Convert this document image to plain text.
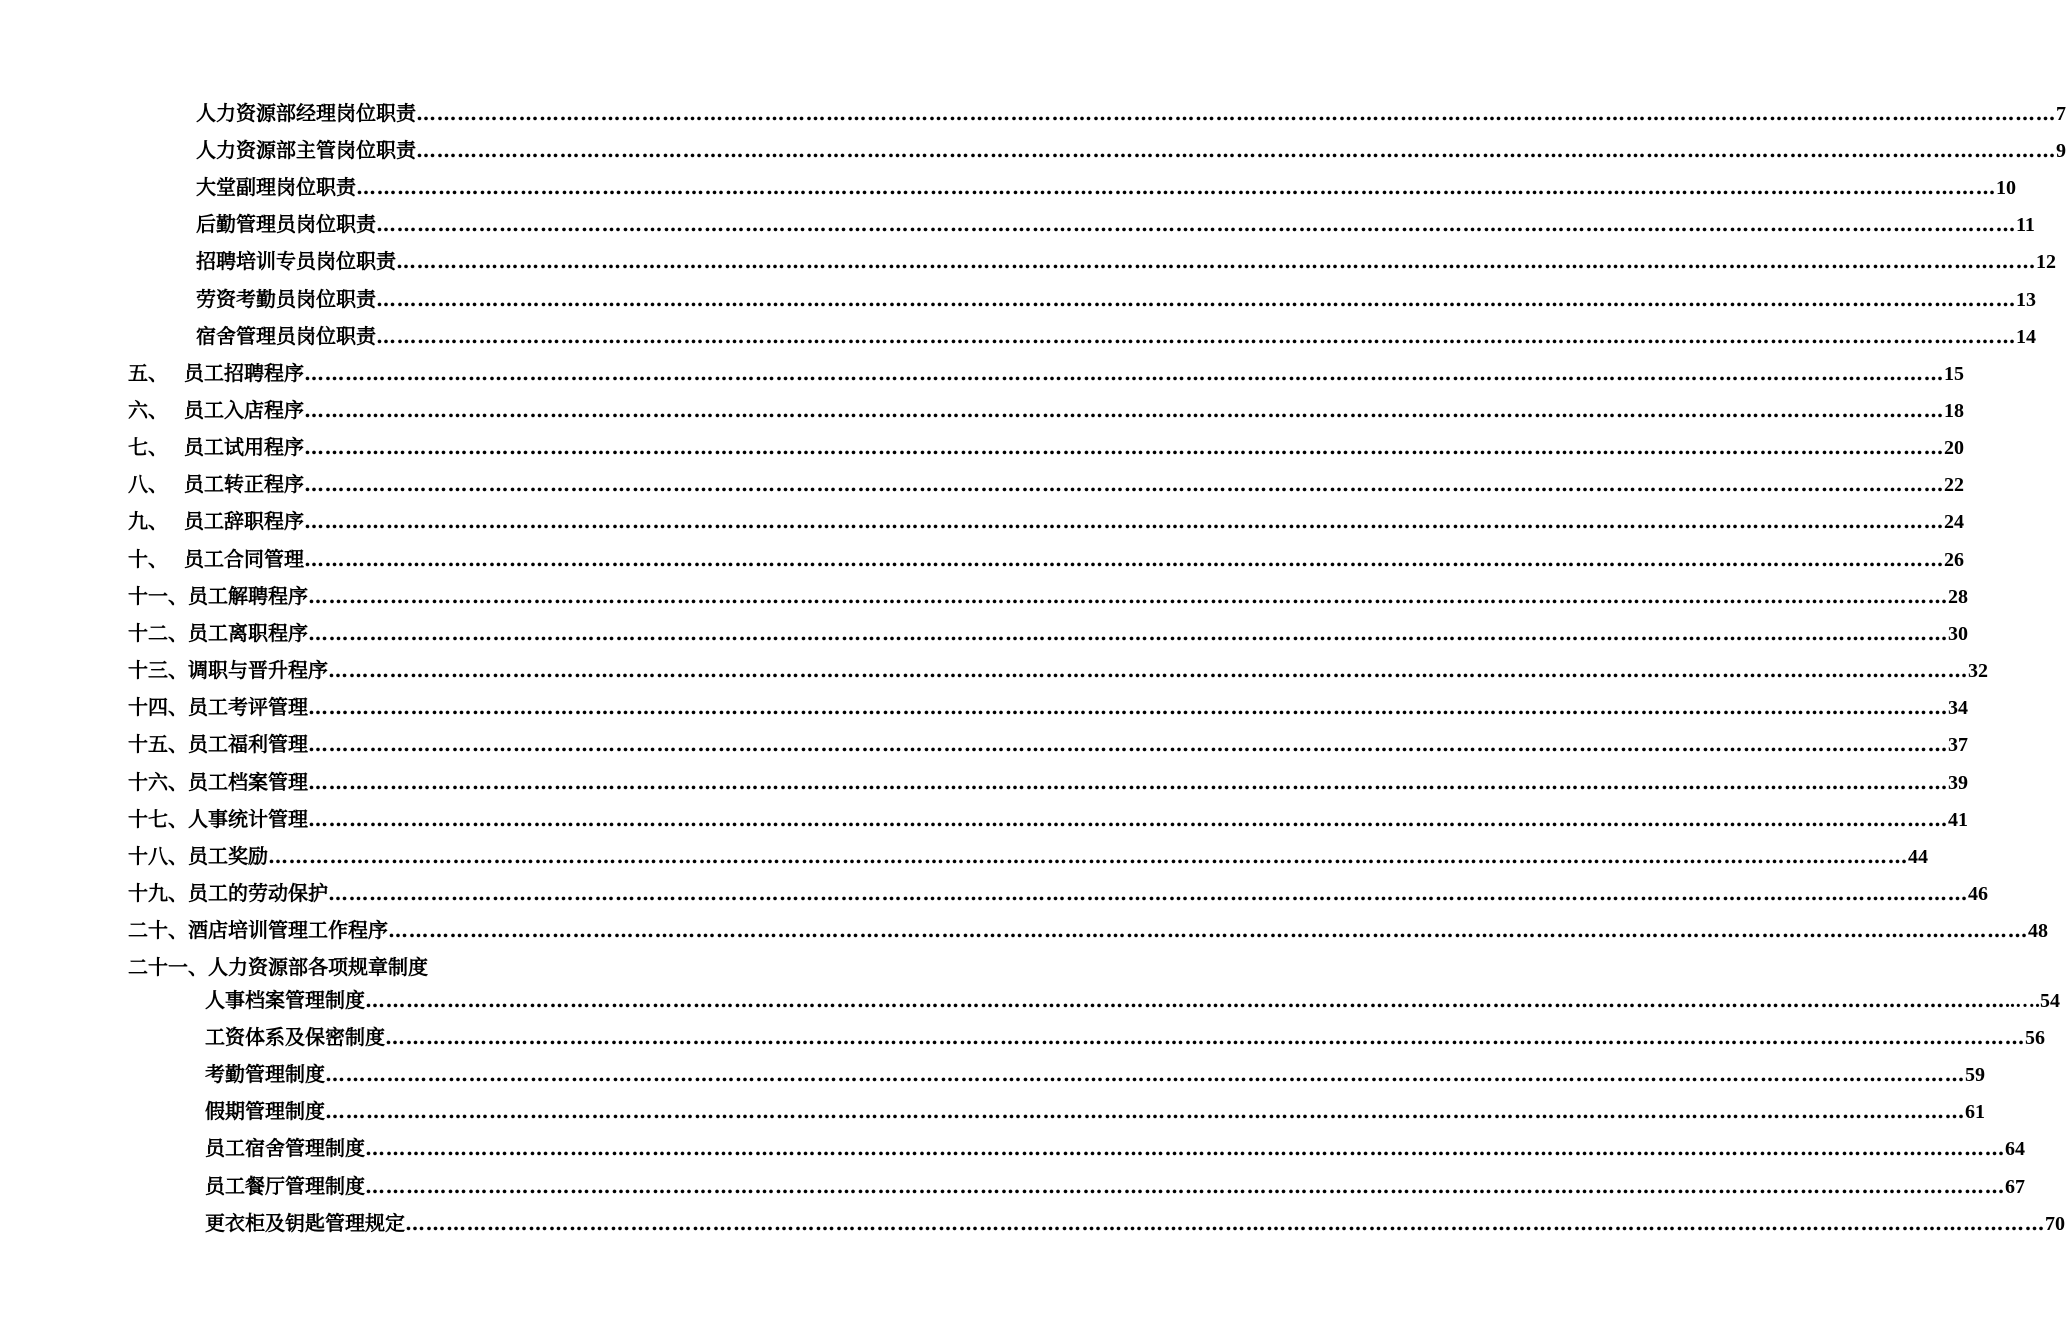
人力资源部经理岗位职责 …………………………………………………………………………………………………………………………………………………………………………………………………………………… 7
人力资源部主管岗位职责 …………………………………………………………………………………………………………………………………………………………………………………………………………………… 9
大堂副理岗位职责 …………………………………………………………………………………………………………………………………………………………………………………………………………………… 10
后勤管理员岗位职责 …………………………………………………………………………………………………………………………………………………………………………………………………………………… 11
招聘培训专员岗位职责 …………………………………………………………………………………………………………………………………………………………………………………………………………………… 12
劳资考勤员岗位职责 …………………………………………………………………………………………………………………………………………………………………………………………………………………… 13
宿舍管理员岗位职责 …………………………………………………………………………………………………………………………………………………………………………………………………………………… 14
五、 员工招聘程序 …………………………………………………………………………………………………………………………………………………………………………………………………………………… 15
六、 员工入店程序 …………………………………………………………………………………………………………………………………………………………………………………………………………………… 18
七、 员工试用程序 …………………………………………………………………………………………………………………………………………………………………………………………………………………… 20
八、 员工转正程序 …………………………………………………………………………………………………………………………………………………………………………………………………………………… 22
九、 员工辞职程序 …………………………………………………………………………………………………………………………………………………………………………………………………………………… 24
十、 员工合同管理 …………………………………………………………………………………………………………………………………………………………………………………………………………………… 26
十一、 员工解聘程序 …………………………………………………………………………………………………………………………………………………………………………………………………………………… 28
十二、 员工离职程序 …………………………………………………………………………………………………………………………………………………………………………………………………………………… 30
十三、 调职与晋升程序 …………………………………………………………………………………………………………………………………………………………………………………………………………………… 32
十四、 员工考评管理 …………………………………………………………………………………………………………………………………………………………………………………………………………………… 34
十五、 员工福利管理 …………………………………………………………………………………………………………………………………………………………………………………………………………………… 37
十六、 员工档案管理 …………………………………………………………………………………………………………………………………………………………………………………………………………………… 39
十七、 人事统计管理 …………………………………………………………………………………………………………………………………………………………………………………………………………………… 41
十八、 员工奖励 …………………………………………………………………………………………………………………………………………………………………………………………………………………… 44
十九、 员工的劳动保护 …………………………………………………………………………………………………………………………………………………………………………………………………………………… 46
二十、 酒店培训管理工作程序 …………………………………………………………………………………………………………………………………………………………………………………………………………………… 48
二十一、人力资源部各项规章制度
人事档案管理制度 …………………………………………………………………………………………………………………………………………………………………………………………………………………… ..…. 54
工资体系及保密制度 …………………………………………………………………………………………………………………………………………………………………………………………………………………… 56
考勤管理制度 …………………………………………………………………………………………………………………………………………………………………………………………………………………… 59
假期管理制度 …………………………………………………………………………………………………………………………………………………………………………………………………………………… 61
员工宿舍管理制度 …………………………………………………………………………………………………………………………………………………………………………………………………………………… 64
员工餐厅管理制度 …………………………………………………………………………………………………………………………………………………………………………………………………………………… 67
更衣柜及钥匙管理规定 …………………………………………………………………………………………………………………………………………………………………………………………………………………… 70
